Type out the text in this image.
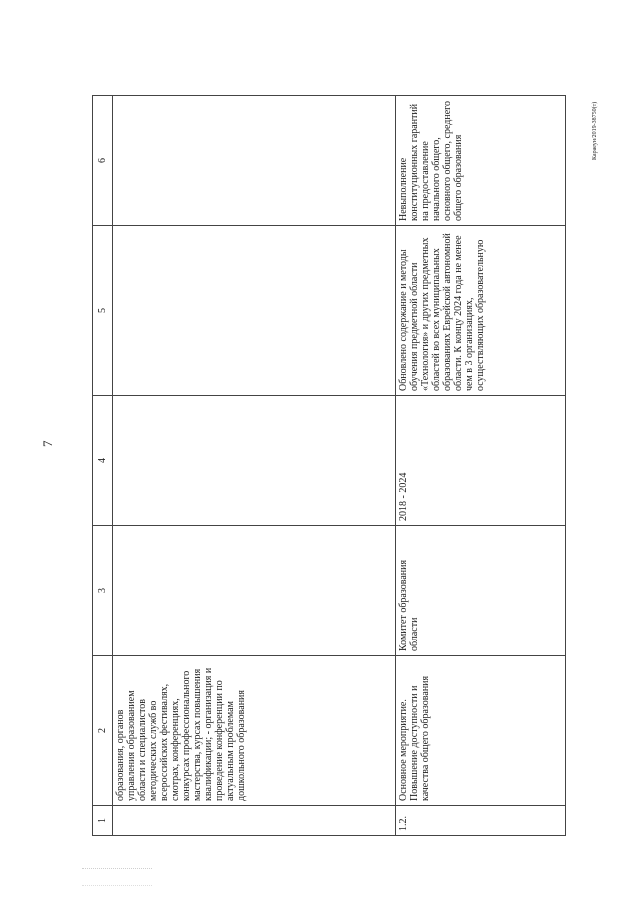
7
Караеун/2019-38750(т)
1	2	3	4	5	6
	образования, органов управления образованием области и специалистов методических служб во всероссийских фестивалях, смотрах, конференциях, конкурсах профессионального мастерства, курсах повышения квалификации; - организация и проведение конференции по актуальным проблемам дошкольного образования				
1.2.	Основное мероприятие. Повышение доступности и качества общего образования	Комитет образования области	2018 - 2024	Обновлено содержание и методы обучения предметной области «Технология» и других предметных областей во всех муниципальных образованиях Еврейской автономной области. К концу 2024 года не менее чем в 3 организациях, осуществляющих образовательную	Невыполнение конституционных гарантий на предоставление начального общего, основного общего, среднего общего образования
